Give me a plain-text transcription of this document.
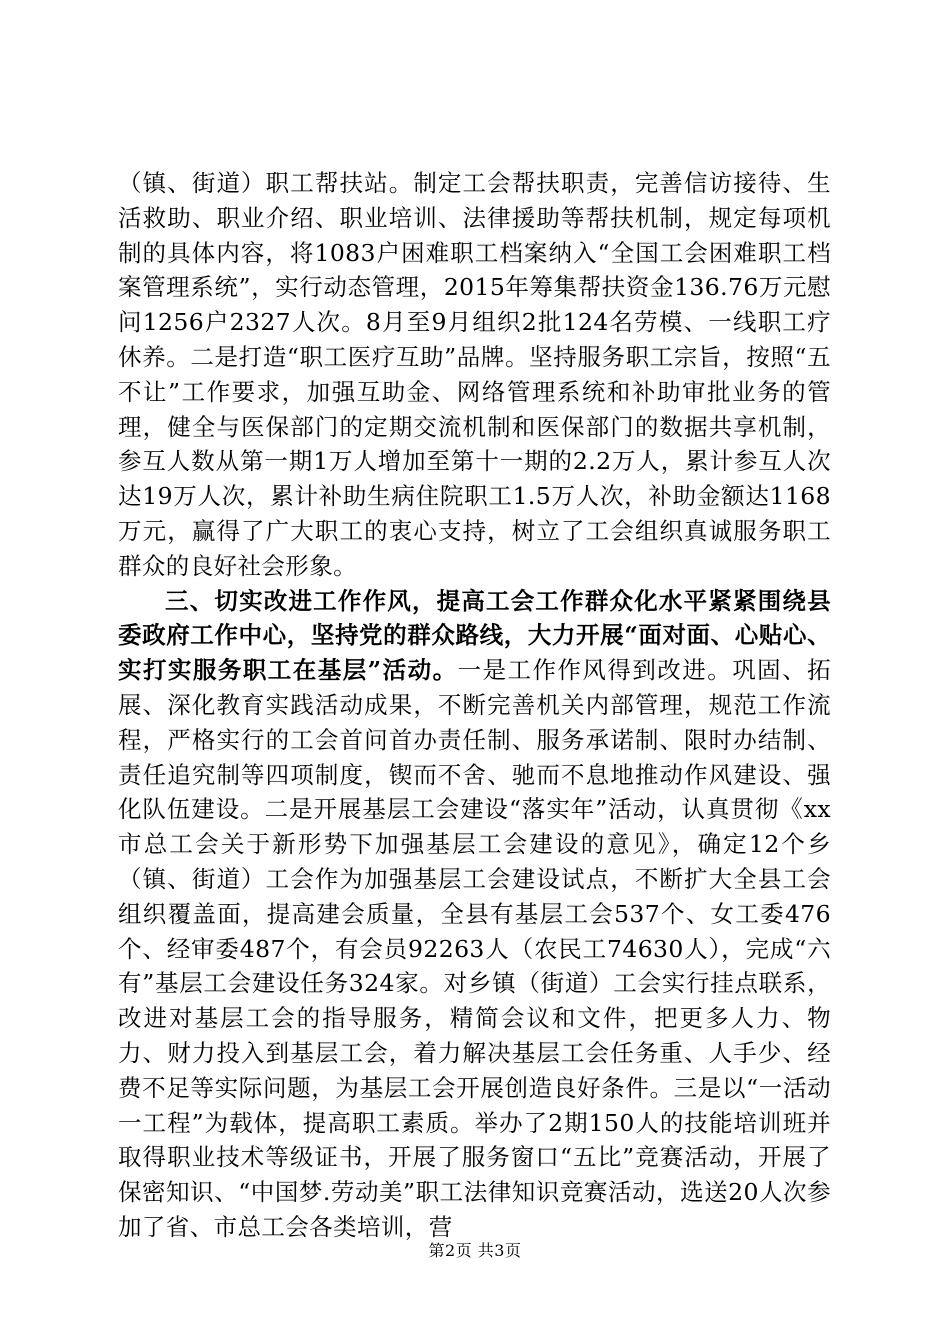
（镇、街道）职工帮扶站。制定工会帮扶职责，完善信访接待、生活救助、职业介绍、职业培训、法律援助等帮扶机制，规定每项机制的具体内容，将1083户困难职工档案纳入“全国工会困难职工档案管理系统”，实行动态管理，2015年筹集帮扶资金136.76万元慰问1256户2327人次。8月至9月组织2批124名劳模、一线职工疗休养。二是打造“职工医疗互助”品牌。坚持服务职工宗旨，按照“五不让”工作要求，加强互助金、网络管理系统和补助审批业务的管理，健全与医保部门的定期交流机制和医保部门的数据共享机制，参互人数从第一期1万人增加至第十一期的2.2万人，累计参互人次达19万人次，累计补助生病住院职工1.5万人次，补助金额达1168万元，赢得了广大职工的衷心支持，树立了工会组织真诚服务职工群众的良好社会形象。

三、切实改进工作作风，提高工会工作群众化水平紧紧围绕县委政府工作中心，坚持党的群众路线，大力开展“面对面、心贴心、实打实服务职工在基层”活动。一是工作作风得到改进。巩固、拓展、深化教育实践活动成果，不断完善机关内部管理，规范工作流程，严格实行的工会首问首办责任制、服务承诺制、限时办结制、责任追究制等四项制度，锲而不舍、驰而不息地推动作风建设、强化队伍建设。二是开展基层工会建设“落实年”活动，认真贯彻《xx市总工会关于新形势下加强基层工会建设的意见》，确定12个乡（镇、街道）工会作为加强基层工会建设试点，不断扩大全县工会组织覆盖面，提高建会质量，全县有基层工会537个、女工委476个、经审委487个，有会员92263人（农民工74630人），完成“六有”基层工会建设任务324家。对乡镇（街道）工会实行挂点联系，改进对基层工会的指导服务，精简会议和文件，把更多人力、物力、财力投入到基层工会，着力解决基层工会任务重、人手少、经费不足等实际问题，为基层工会开展创造良好条件。三是以“一活动一工程”为载体，提高职工素质。举办了2期150人的技能培训班并取得职业技术等级证书，开展了服务窗口“五比”竞赛活动，开展了保密知识、“中国梦.劳动美”职工法律知识竞赛活动，选送20人次参加了省、市总工会各类培训，营

第2页 共3页
